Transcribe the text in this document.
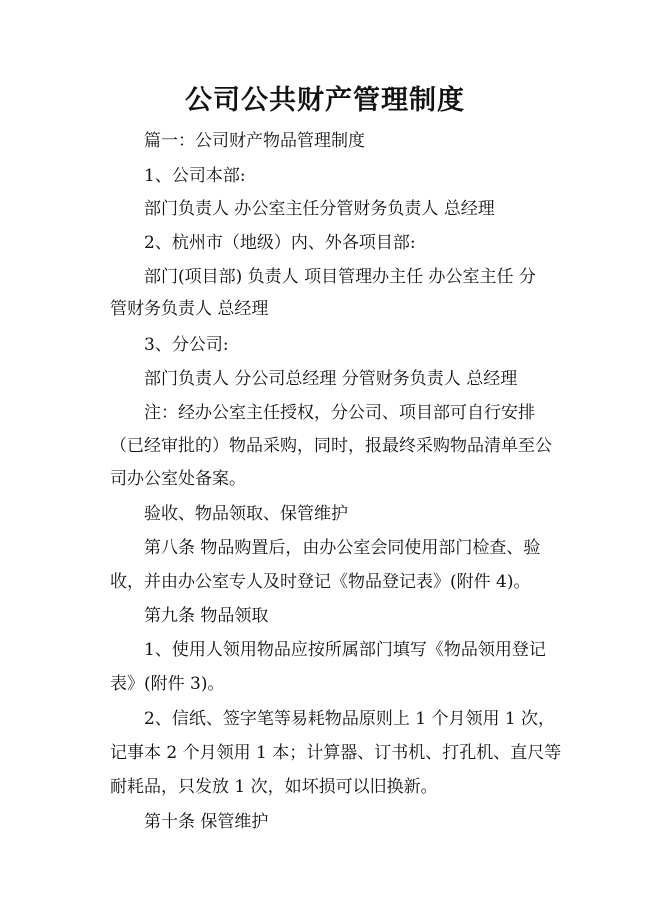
公司公共财产管理制度
篇一：公司财产物品管理制度
1、公司本部:
部门负责人 办公室主任分管财务负责人 总经理
2、杭州市（地级）内、外各项目部:
部门(项目部) 负责人 项目管理办主任 办公室主任 分
管财务负责人 总经理
3、分公司:
部门负责人 分公司总经理 分管财务负责人 总经理
注：经办公室主任授权，分公司、项目部可自行安排
（已经审批的）物品采购，同时，报最终采购物品清单至公
司办公室处备案。
验收、物品领取、保管维护
第八条 物品购置后，由办公室会同使用部门检查、验
收，并由办公室专人及时登记《物品登记表》(附件 4)。
第九条 物品领取
1、使用人领用物品应按所属部门填写《物品领用登记
表》(附件 3)。
2、信纸、签字笔等易耗物品原则上 1 个月领用 1 次，
记事本 2 个月领用 1 本；计算器、订书机、打孔机、直尺等
耐耗品，只发放 1 次，如坏损可以旧换新。
第十条 保管维护
